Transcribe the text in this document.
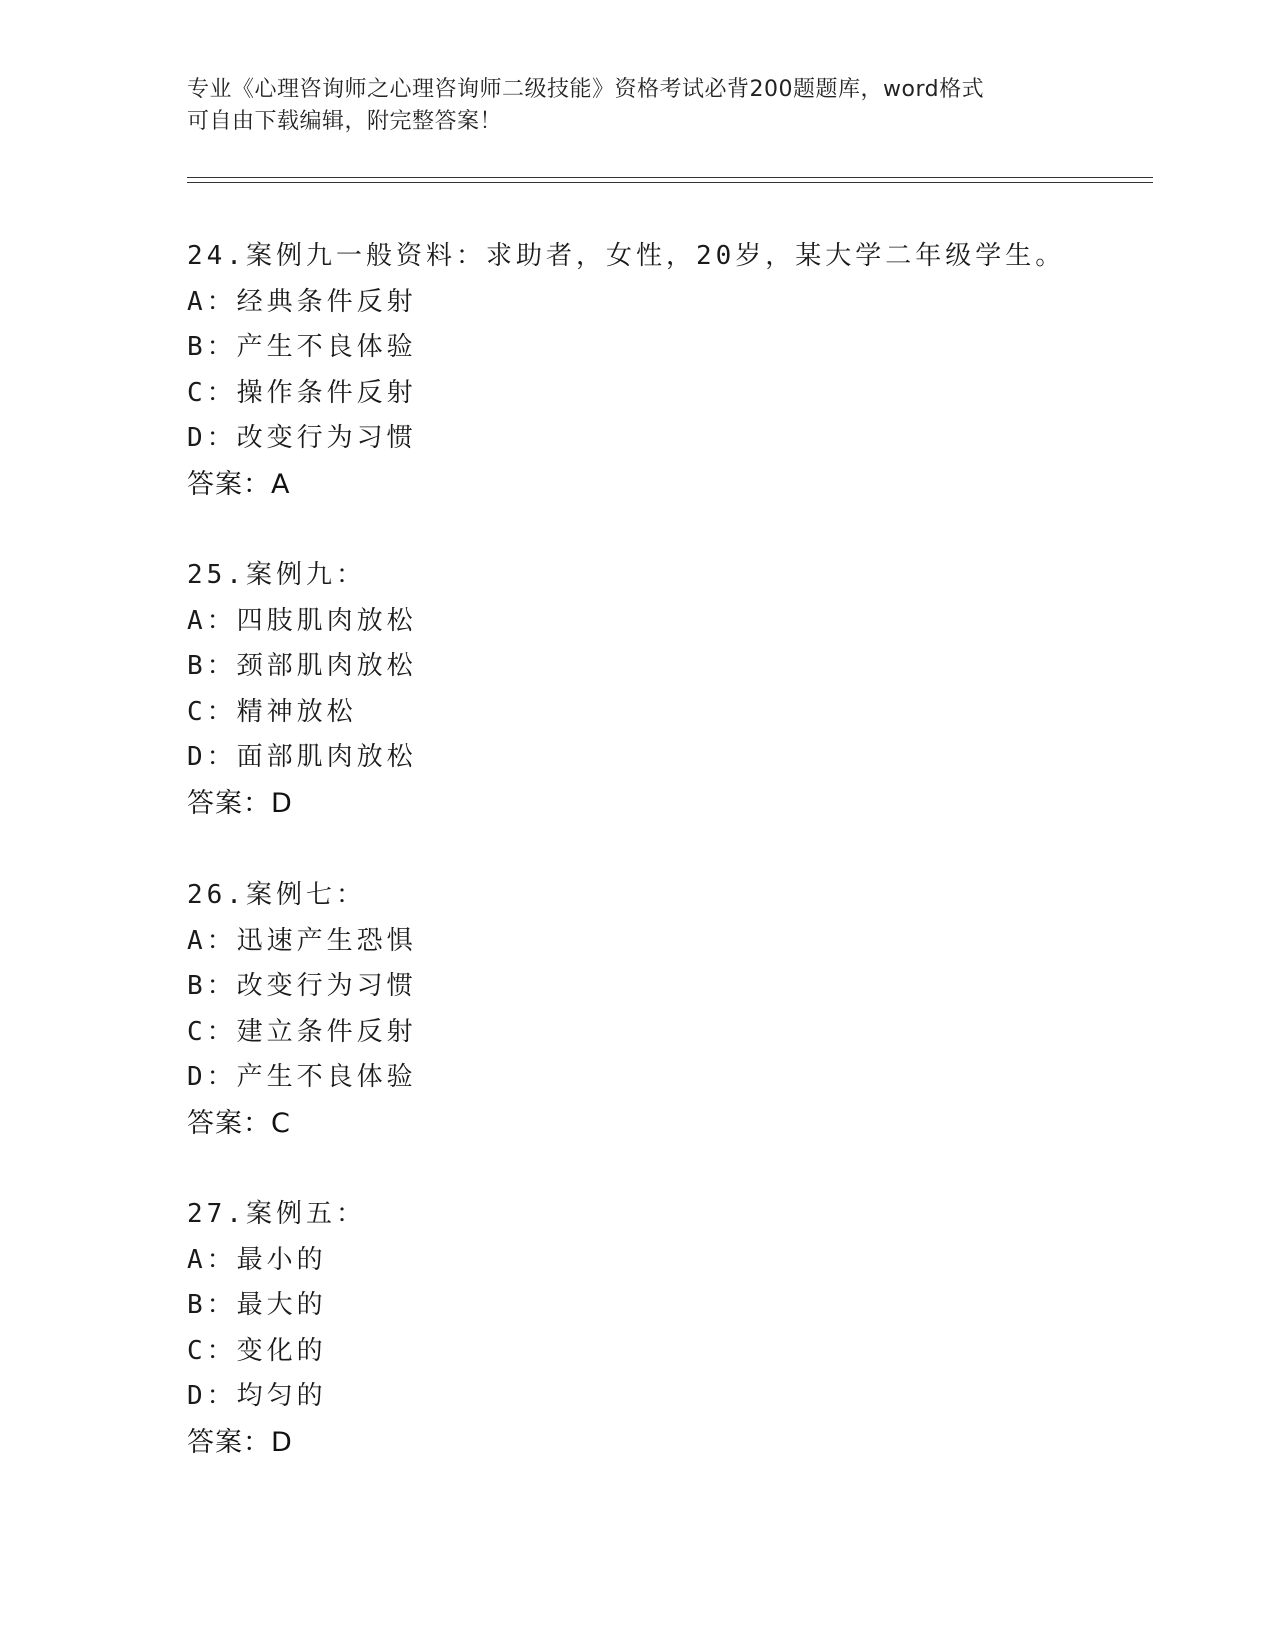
专业《心理咨询师之心理咨询师二级技能》资格考试必背200题题库，word格式
可自由下载编辑，附完整答案！
24.案例九一般资料：求助者，女性，20岁，某大学二年级学生。
A：经典条件反射
B：产生不良体验
C：操作条件反射
D：改变行为习惯
答案：A
25.案例九：
A：四肢肌肉放松
B：颈部肌肉放松
C：精神放松
D：面部肌肉放松
答案：D
26.案例七：
A：迅速产生恐惧
B：改变行为习惯
C：建立条件反射
D：产生不良体验
答案：C
27.案例五：
A：最小的
B：最大的
C：变化的
D：均匀的
答案：D
